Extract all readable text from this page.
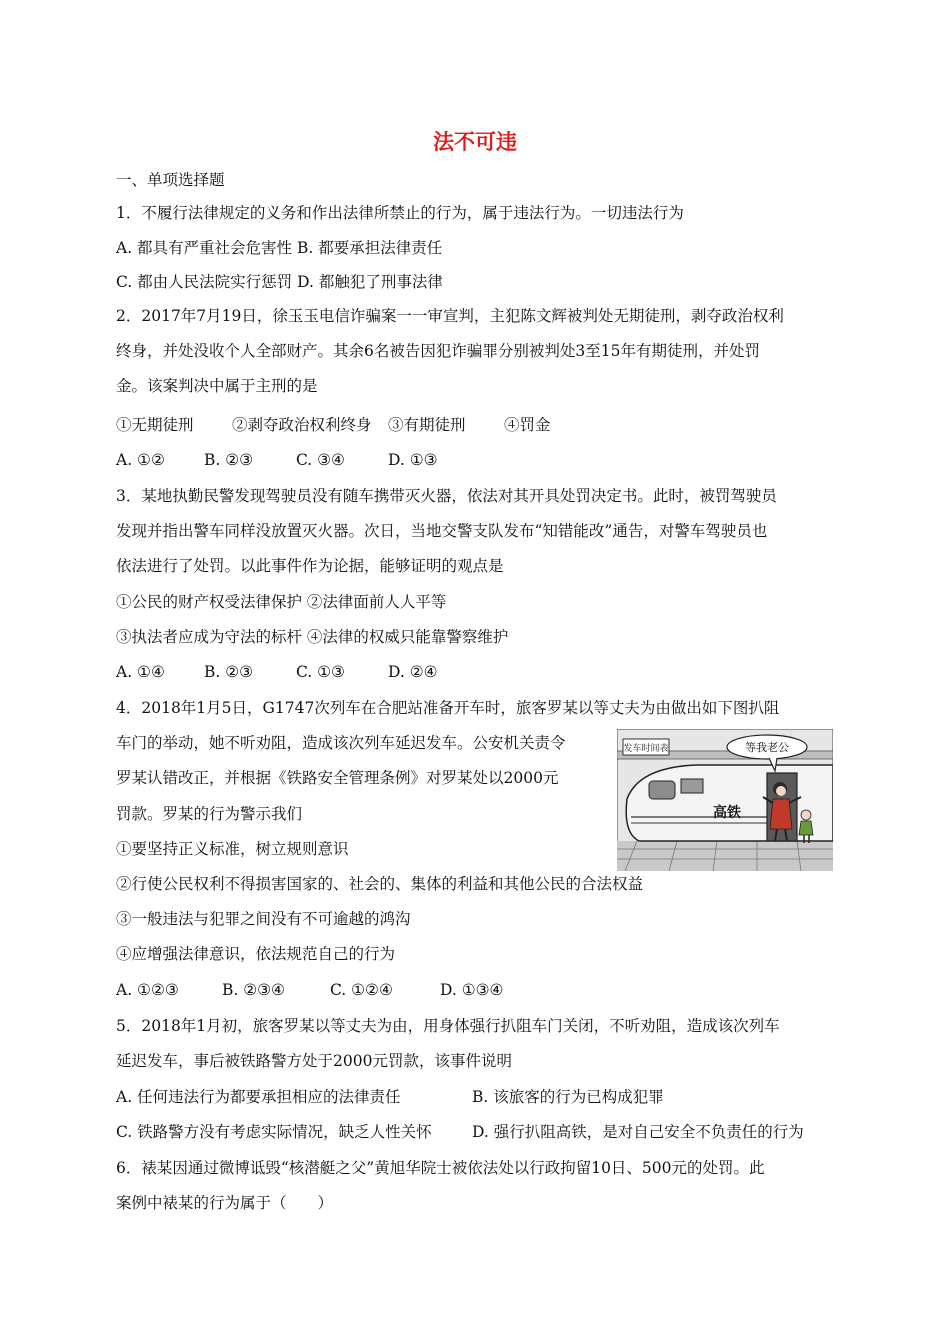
法不可违
一、单项选择题
1．不履行法律规定的义务和作出法律所禁止的行为，属于违法行为。一切违法行为
A. 都具有严重社会危害性 B. 都要承担法律责任
C. 都由人民法院实行惩罚 D. 都触犯了刑事法律
2．2017年7月19日，徐玉玉电信诈骗案一一审宣判，主犯陈文辉被判处无期徒刑，剥夺政治权利
终身，并处没收个人全部财产。其余6名被告因犯诈骗罪分别被判处3至15年有期徒刑，并处罚
金。该案判决中属于主刑的是
①无期徒刑 ②剥夺政治权利终身 ③有期徒刑 ④罚金
A. ①②	B. ②③	C. ③④	D. ①③
3．某地执勤民警发现驾驶员没有随车携带灭火器，依法对其开具处罚决定书。此时，被罚驾驶员
发现并指出警车同样没放置灭火器。次日，当地交警支队发布“知错能改”通告，对警车驾驶员也
依法进行了处罚。以此事件作为论据，能够证明的观点是
①公民的财产权受法律保护 ②法律面前人人平等
③执法者应成为守法的标杆 ④法律的权威只能靠警察维护
A. ①④	B. ②③	C. ①③	D. ②④
4．2018年1月5日，G1747次列车在合肥站准备开车时，旅客罗某以等丈夫为由做出如下图扒阻
车门的举动，她不听劝阻，造成该次列车延迟发车。公安机关责令
罗某认错改正，并根据《铁路安全管理条例》对罗某处以2000元
罚款。罗某的行为警示我们
发车时间表
高铁
等我老公
①要坚持正义标准，树立规则意识
②行使公民权利不得损害国家的、社会的、集体的利益和其他公民的合法权益
③一般违法与犯罪之间没有不可逾越的鸿沟
④应增强法律意识，依法规范自己的行为
A. ①②③	B. ②③④	C. ①②④	D. ①③④
5．2018年1月初，旅客罗某以等丈夫为由，用身体强行扒阻车门关闭，不听劝阻，造成该次列车
延迟发车，事后被铁路警方处于2000元罚款，该事件说明
A. 任何违法行为都要承担相应的法律责任	B. 该旅客的行为已构成犯罪
C. 铁路警方没有考虑实际情况，缺乏人性关怀	D. 强行扒阻高铁，是对自己安全不负责任的行为
6．裱某因通过微博诋毁“核潜艇之父”黄旭华院士被依法处以行政拘留10日、500元的处罚。此
案例中裱某的行为属于（　　）
